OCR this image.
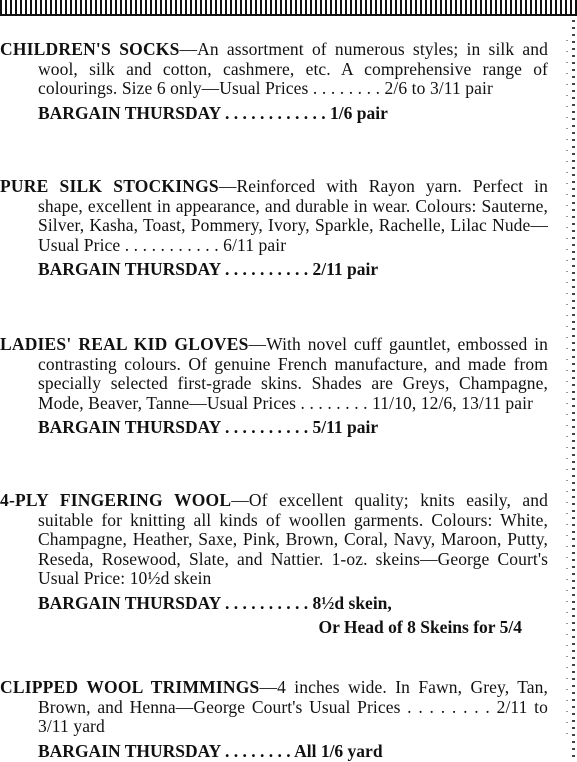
CHILDREN'S SOCKS—An assortment of numerous styles; in silk and wool, silk and cotton, cashmere, etc. A comprehensive range of colourings. Size 6 only—Usual Prices . . . . . . . . 2/6 to 3/11 pair

BARGAIN THURSDAY . . . . . . . . . . . . 1/6 pair

PURE SILK STOCKINGS—Reinforced with Rayon yarn. Perfect in shape, excellent in appearance, and durable in wear. Colours: Sauterne, Silver, Kasha, Toast, Pommery, Ivory, Sparkle, Rachelle, Lilac Nude—Usual Price . . . . . . . . . . . 6/11 pair

BARGAIN THURSDAY . . . . . . . . . . 2/11 pair

LADIES' REAL KID GLOVES—With novel cuff gauntlet, embossed in contrasting colours. Of genuine French manufacture, and made from specially selected first-grade skins. Shades are Greys, Champagne, Mode, Beaver, Tanne—Usual Prices . . . . . . . . 11/10, 12/6, 13/11 pair

BARGAIN THURSDAY . . . . . . . . . . 5/11 pair

4-PLY FINGERING WOOL—Of excellent quality; knits easily, and suitable for knitting all kinds of woollen garments. Colours: White, Champagne, Heather, Saxe, Pink, Brown, Coral, Navy, Maroon, Putty, Reseda, Rosewood, Slate, and Nattier. 1-oz. skeins—George Court's Usual Price: 10½d skein

BARGAIN THURSDAY . . . . . . . . . . 8½d skein,
Or Head of 8 Skeins for 5/4

CLIPPED WOOL TRIMMINGS—4 inches wide. In Fawn, Grey, Tan, Brown, and Henna—George Court's Usual Prices . . . . . . . . 2/11 to 3/11 yard

BARGAIN THURSDAY . . . . . . . . All 1/6 yard
